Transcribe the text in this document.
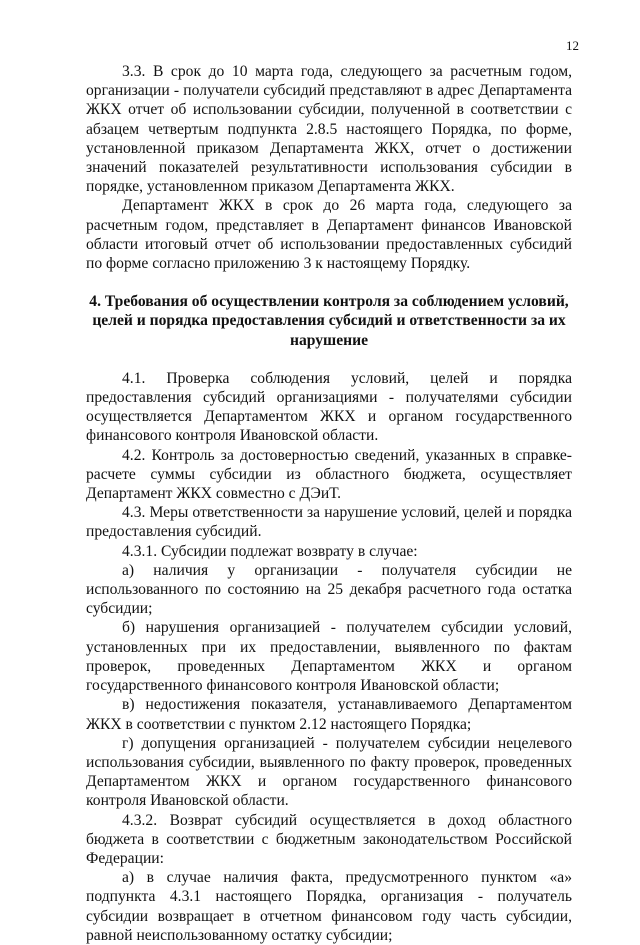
12

3.3. В срок до 10 марта года, следующего за расчетным годом, организации - получатели субсидий представляют в адрес Департамента ЖКХ отчет об использовании субсидии, полученной в соответствии с абзацем четвертым подпункта 2.8.5 настоящего Порядка, по форме, установленной приказом Департамента ЖКХ, отчет о достижении значений показателей результативности использования субсидии в порядке, установленном приказом Департамента ЖКХ.

Департамент ЖКХ в срок до 26 марта года, следующего за расчетным годом, представляет в Департамент финансов Ивановской области итоговый отчет об использовании предоставленных субсидий по форме согласно приложению 3 к настоящему Порядку.

4. Требования об осуществлении контроля за соблюдением условий, целей и порядка предоставления субсидий и ответственности за их нарушение

4.1. Проверка соблюдения условий, целей и порядка предоставления субсидий организациями - получателями субсидии осуществляется Департаментом ЖКХ и органом государственного финансового контроля Ивановской области.

4.2. Контроль за достоверностью сведений, указанных в справке-расчете суммы субсидии из областного бюджета, осуществляет Департамент ЖКХ совместно с ДЭиТ.

4.3. Меры ответственности за нарушение условий, целей и порядка предоставления субсидий.

4.3.1. Субсидии подлежат возврату в случае:

а) наличия у организации - получателя субсидии не использованного по состоянию на 25 декабря расчетного года остатка субсидии;

б) нарушения организацией - получателем субсидии условий, установленных при их предоставлении, выявленного по фактам проверок, проведенных Департаментом ЖКХ и органом государственного финансового контроля Ивановской области;

в) недостижения показателя, устанавливаемого Департаментом ЖКХ в соответствии с пунктом 2.12 настоящего Порядка;

г) допущения организацией - получателем субсидии нецелевого использования субсидии, выявленного по факту проверок, проведенных Департаментом ЖКХ и органом государственного финансового контроля Ивановской области.

4.3.2. Возврат субсидий осуществляется в доход областного бюджета в соответствии с бюджетным законодательством Российской Федерации:

а) в случае наличия факта, предусмотренного пунктом «а» подпункта 4.3.1 настоящего Порядка, организация - получатель субсидии возвращает в отчетном финансовом году часть субсидии, равной неиспользованному остатку субсидии;
